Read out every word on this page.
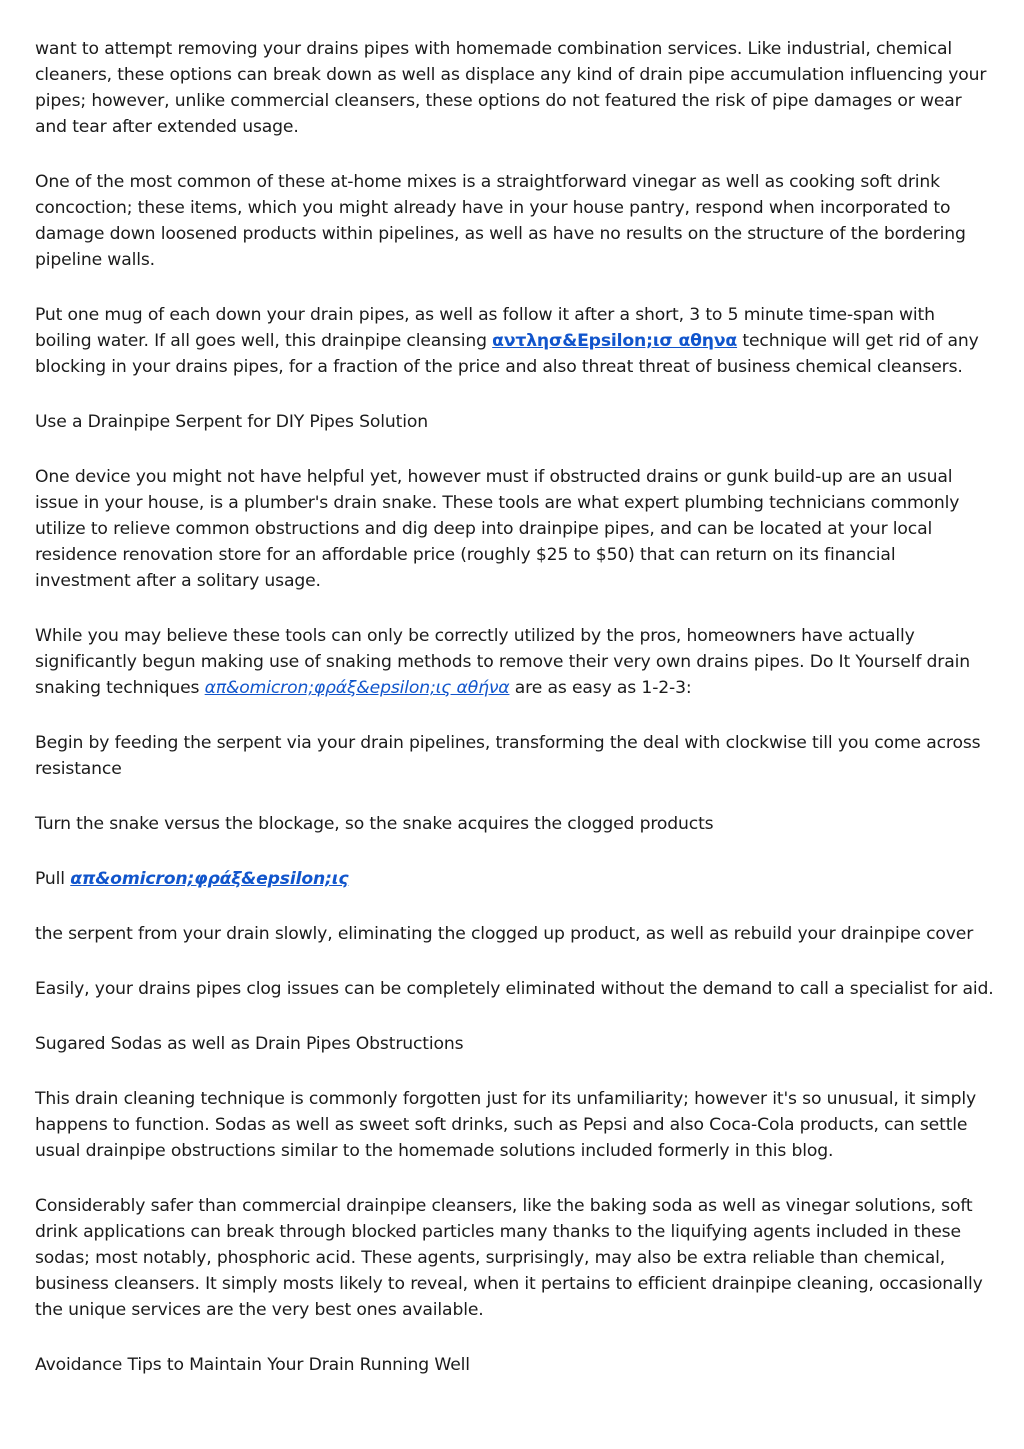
want to attempt removing your drains pipes with homemade combination services. Like industrial, chemical cleaners, these options can break down as well as displace any kind of drain pipe accumulation influencing your pipes; however, unlike commercial cleansers, these options do not featured the risk of pipe damages or wear and tear after extended usage.

One of the most common of these at-home mixes is a straightforward vinegar as well as cooking soft drink concoction; these items, which you might already have in your house pantry, respond when incorporated to damage down loosened products within pipelines, as well as have no results on the structure of the bordering pipeline walls.

Put one mug of each down your drain pipes, as well as follow it after a short, 3 to 5 minute time-span with boiling water. If all goes well, this drainpipe cleansing αντλησ&Epsilon;ισ αθηνα technique will get rid of any blocking in your drains pipes, for a fraction of the price and also threat threat of business chemical cleansers.

Use a Drainpipe Serpent for DIY Pipes Solution

One device you might not have helpful yet, however must if obstructed drains or gunk build-up are an usual issue in your house, is a plumber's drain snake. These tools are what expert plumbing technicians commonly utilize to relieve common obstructions and dig deep into drainpipe pipes, and can be located at your local residence renovation store for an affordable price (roughly $25 to $50) that can return on its financial investment after a solitary usage.

While you may believe these tools can only be correctly utilized by the pros, homeowners have actually significantly begun making use of snaking methods to remove their very own drains pipes. Do It Yourself drain snaking techniques απ&omicron;φράξ&epsilon;ις αθήνα are as easy as 1-2-3:

Begin by feeding the serpent via your drain pipelines, transforming the deal with clockwise till you come across resistance

Turn the snake versus the blockage, so the snake acquires the clogged products

Pull απ&omicron;φράξ&epsilon;ις

the serpent from your drain slowly, eliminating the clogged up product, as well as rebuild your drainpipe cover

Easily, your drains pipes clog issues can be completely eliminated without the demand to call a specialist for aid.

Sugared Sodas as well as Drain Pipes Obstructions

This drain cleaning technique is commonly forgotten just for its unfamiliarity; however it's so unusual, it simply happens to function. Sodas as well as sweet soft drinks, such as Pepsi and also Coca-Cola products, can settle usual drainpipe obstructions similar to the homemade solutions included formerly in this blog.

Considerably safer than commercial drainpipe cleansers, like the baking soda as well as vinegar solutions, soft drink applications can break through blocked particles many thanks to the liquifying agents included in these sodas; most notably, phosphoric acid. These agents, surprisingly, may also be extra reliable than chemical, business cleansers. It simply mosts likely to reveal, when it pertains to efficient drainpipe cleaning, occasionally the unique services are the very best ones available.

Avoidance Tips to Maintain Your Drain Running Well
